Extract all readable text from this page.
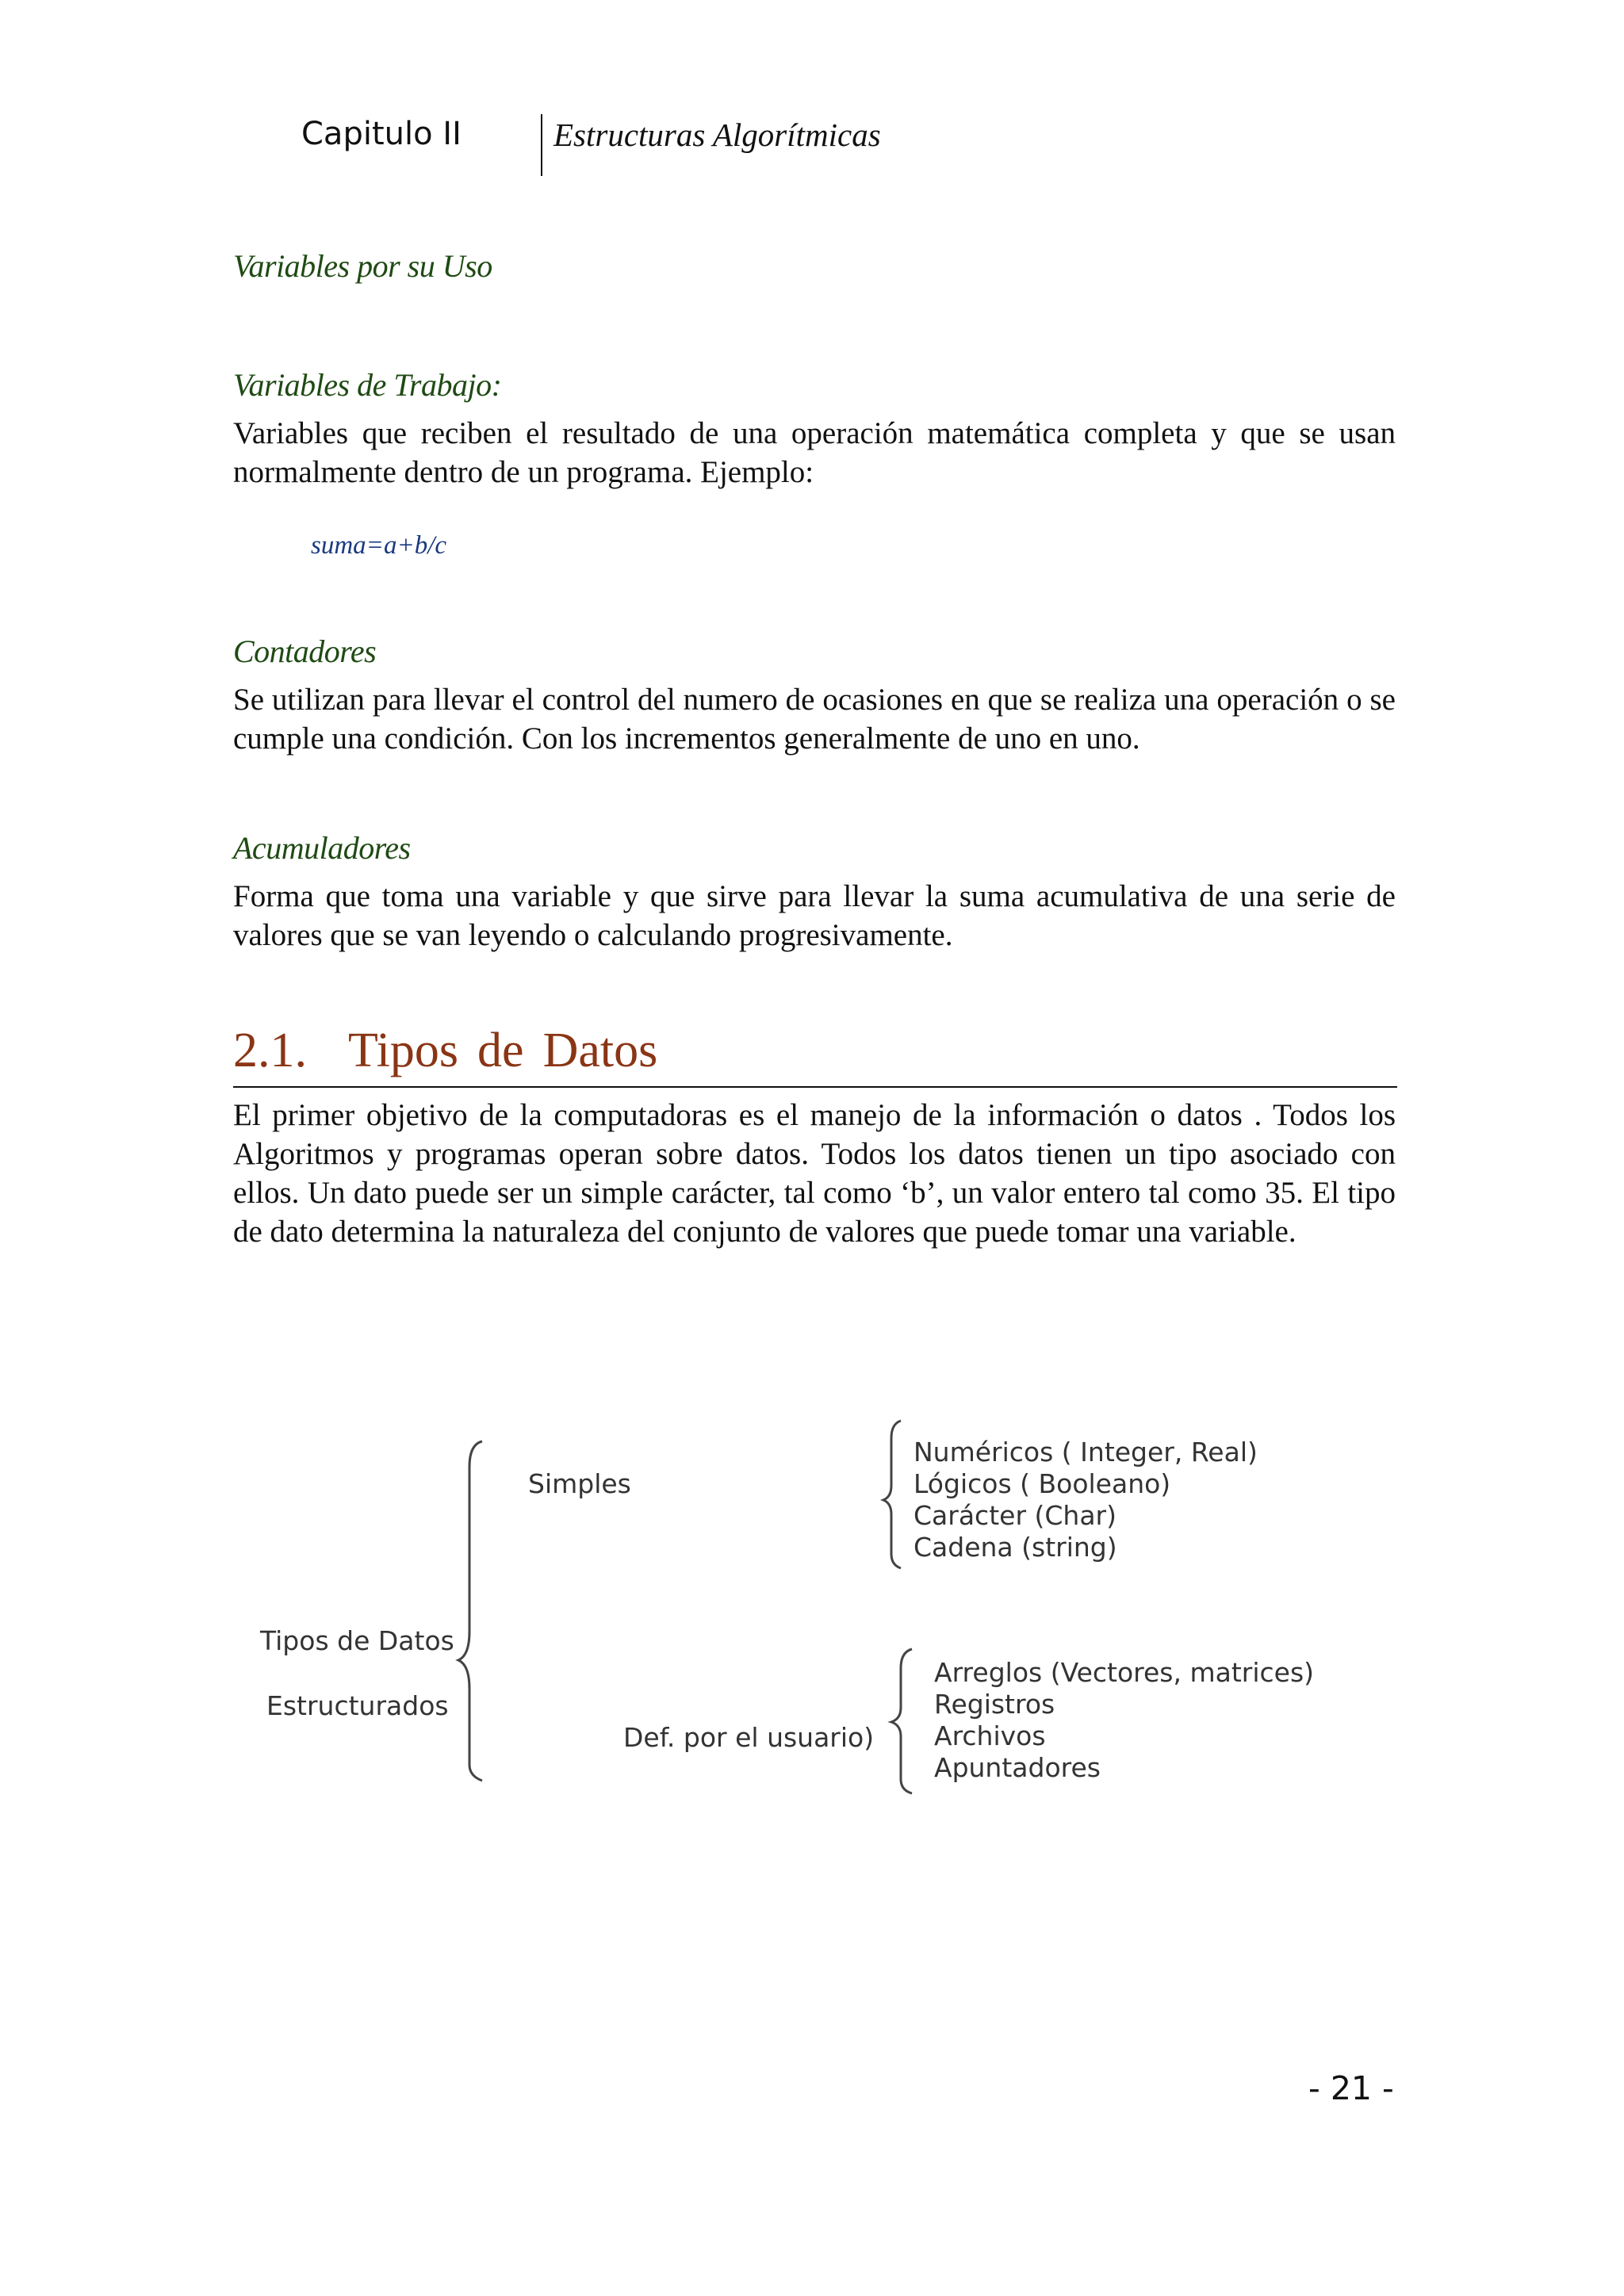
Capitulo II	Estructuras Algorítmicas
Variables por su Uso
Variables de Trabajo:
Variables que reciben el resultado de una operación matemática completa y que se usan normalmente dentro de un programa. Ejemplo:
suma=a+b/c
Contadores
Se utilizan para llevar el control del numero de ocasiones en que se realiza una operación o se cumple una condición. Con los incrementos generalmente de uno en uno.
Acumuladores
Forma que toma una variable y que sirve para llevar la suma acumulativa de una serie de valores que se van leyendo o calculando progresivamente.
2.1. Tipos de Datos
El primer objetivo de la computadoras es el manejo de la información o datos . Todos los Algoritmos y programas operan sobre datos. Todos los datos tienen un tipo asociado con ellos. Un dato puede ser un simple carácter, tal como ‘b’, un valor entero tal como 35. El tipo de dato determina la naturaleza del conjunto de valores que puede tomar una variable.
Tipos de Datos
Estructurados
Simples
Numéricos ( Integer, Real)
Lógicos ( Booleano)
Carácter (Char)
Cadena (string)
Def. por el usuario)
Arreglos (Vectores, matrices)
Registros
Archivos
Apuntadores
- 21 -
